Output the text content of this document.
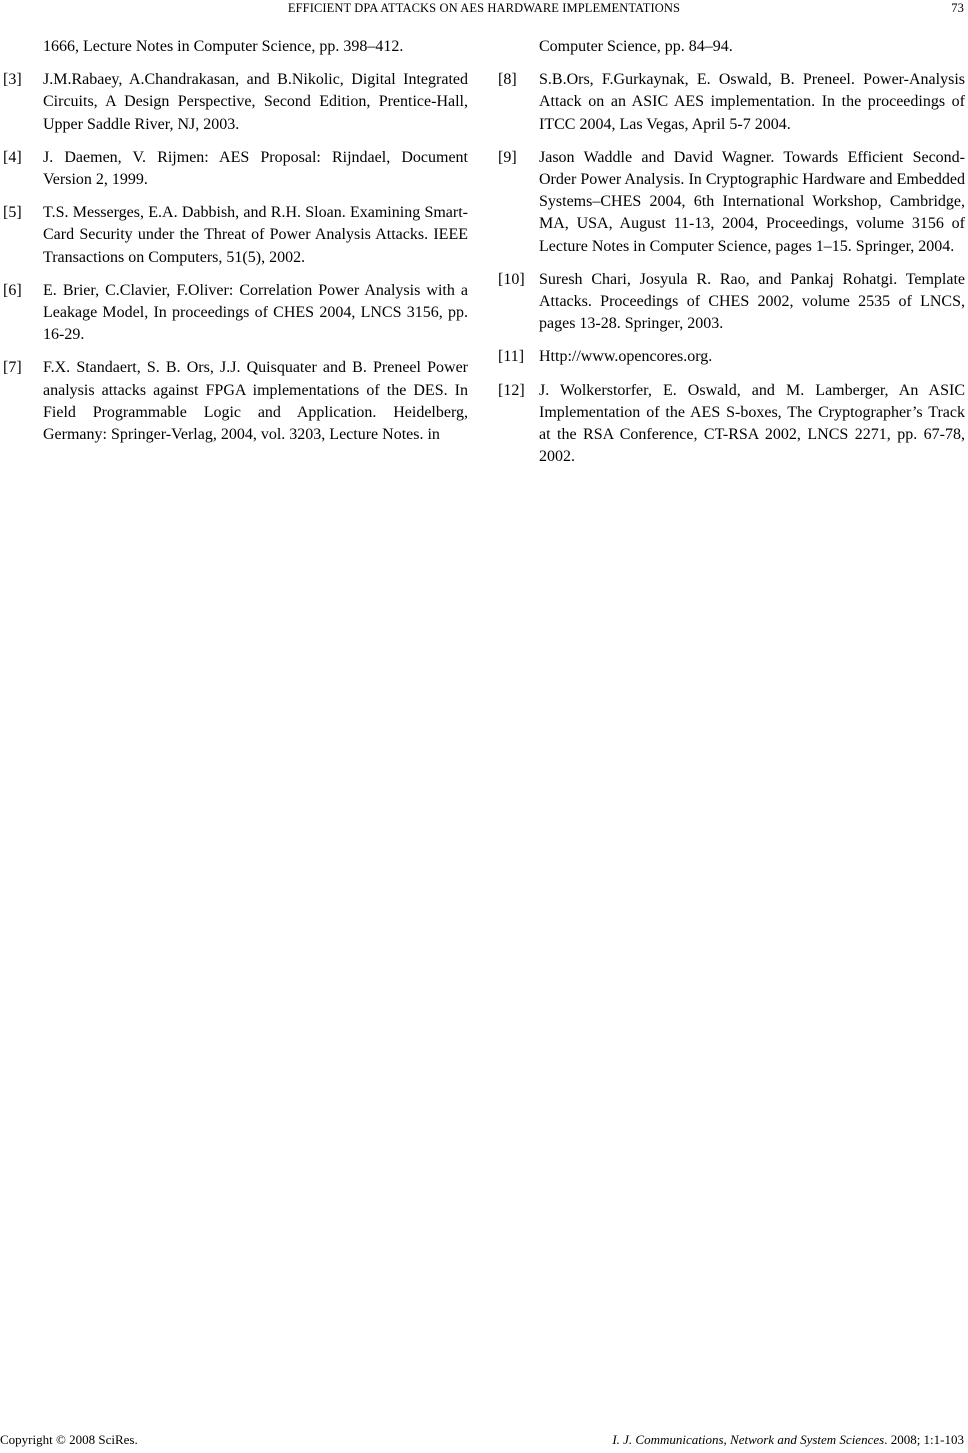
EFFICIENT DPA ATTACKS ON AES HARDWARE IMPLEMENTATIONS	73
1666, Lecture Notes in Computer Science, pp. 398–412.
[3] J.M.Rabaey, A.Chandrakasan, and B.Nikolic, Digital Integrated Circuits, A Design Perspective, Second Edition, Prentice-Hall, Upper Saddle River, NJ, 2003.
[4] J. Daemen, V. Rijmen: AES Proposal: Rijndael, Document Version 2, 1999.
[5] T.S. Messerges, E.A. Dabbish, and R.H. Sloan. Examining Smart-Card Security under the Threat of Power Analysis Attacks. IEEE Transactions on Computers, 51(5), 2002.
[6] E. Brier, C.Clavier, F.Oliver: Correlation Power Analysis with a Leakage Model, In proceedings of CHES 2004, LNCS 3156, pp. 16-29.
[7] F.X. Standaert, S. B. Ors, J.J. Quisquater and B. Preneel Power analysis attacks against FPGA implementations of the DES. In Field Programmable Logic and Application. Heidelberg, Germany: Springer-Verlag, 2004, vol. 3203, Lecture Notes. in
Computer Science, pp. 84–94.
[8] S.B.Ors, F.Gurkaynak, E. Oswald, B. Preneel. Power-Analysis Attack on an ASIC AES implementation. In the proceedings of ITCC 2004, Las Vegas, April 5-7 2004.
[9] Jason Waddle and David Wagner. Towards Efficient Second-Order Power Analysis. In Cryptographic Hardware and Embedded Systems–CHES 2004, 6th International Workshop, Cambridge, MA, USA, August 11-13, 2004, Proceedings, volume 3156 of Lecture Notes in Computer Science, pages 1–15. Springer, 2004.
[10] Suresh Chari, Josyula R. Rao, and Pankaj Rohatgi. Template Attacks. Proceedings of CHES 2002, volume 2535 of LNCS, pages 13-28. Springer, 2003.
[11] Http://www.opencores.org.
[12] J. Wolkerstorfer, E. Oswald, and M. Lamberger, An ASIC Implementation of the AES S-boxes, The Cryptographer’s Track at the RSA Conference, CT-RSA 2002, LNCS 2271, pp. 67-78, 2002.
Copyright © 2008 SciRes.	I. J. Communications, Network and System Sciences. 2008; 1:1-103
